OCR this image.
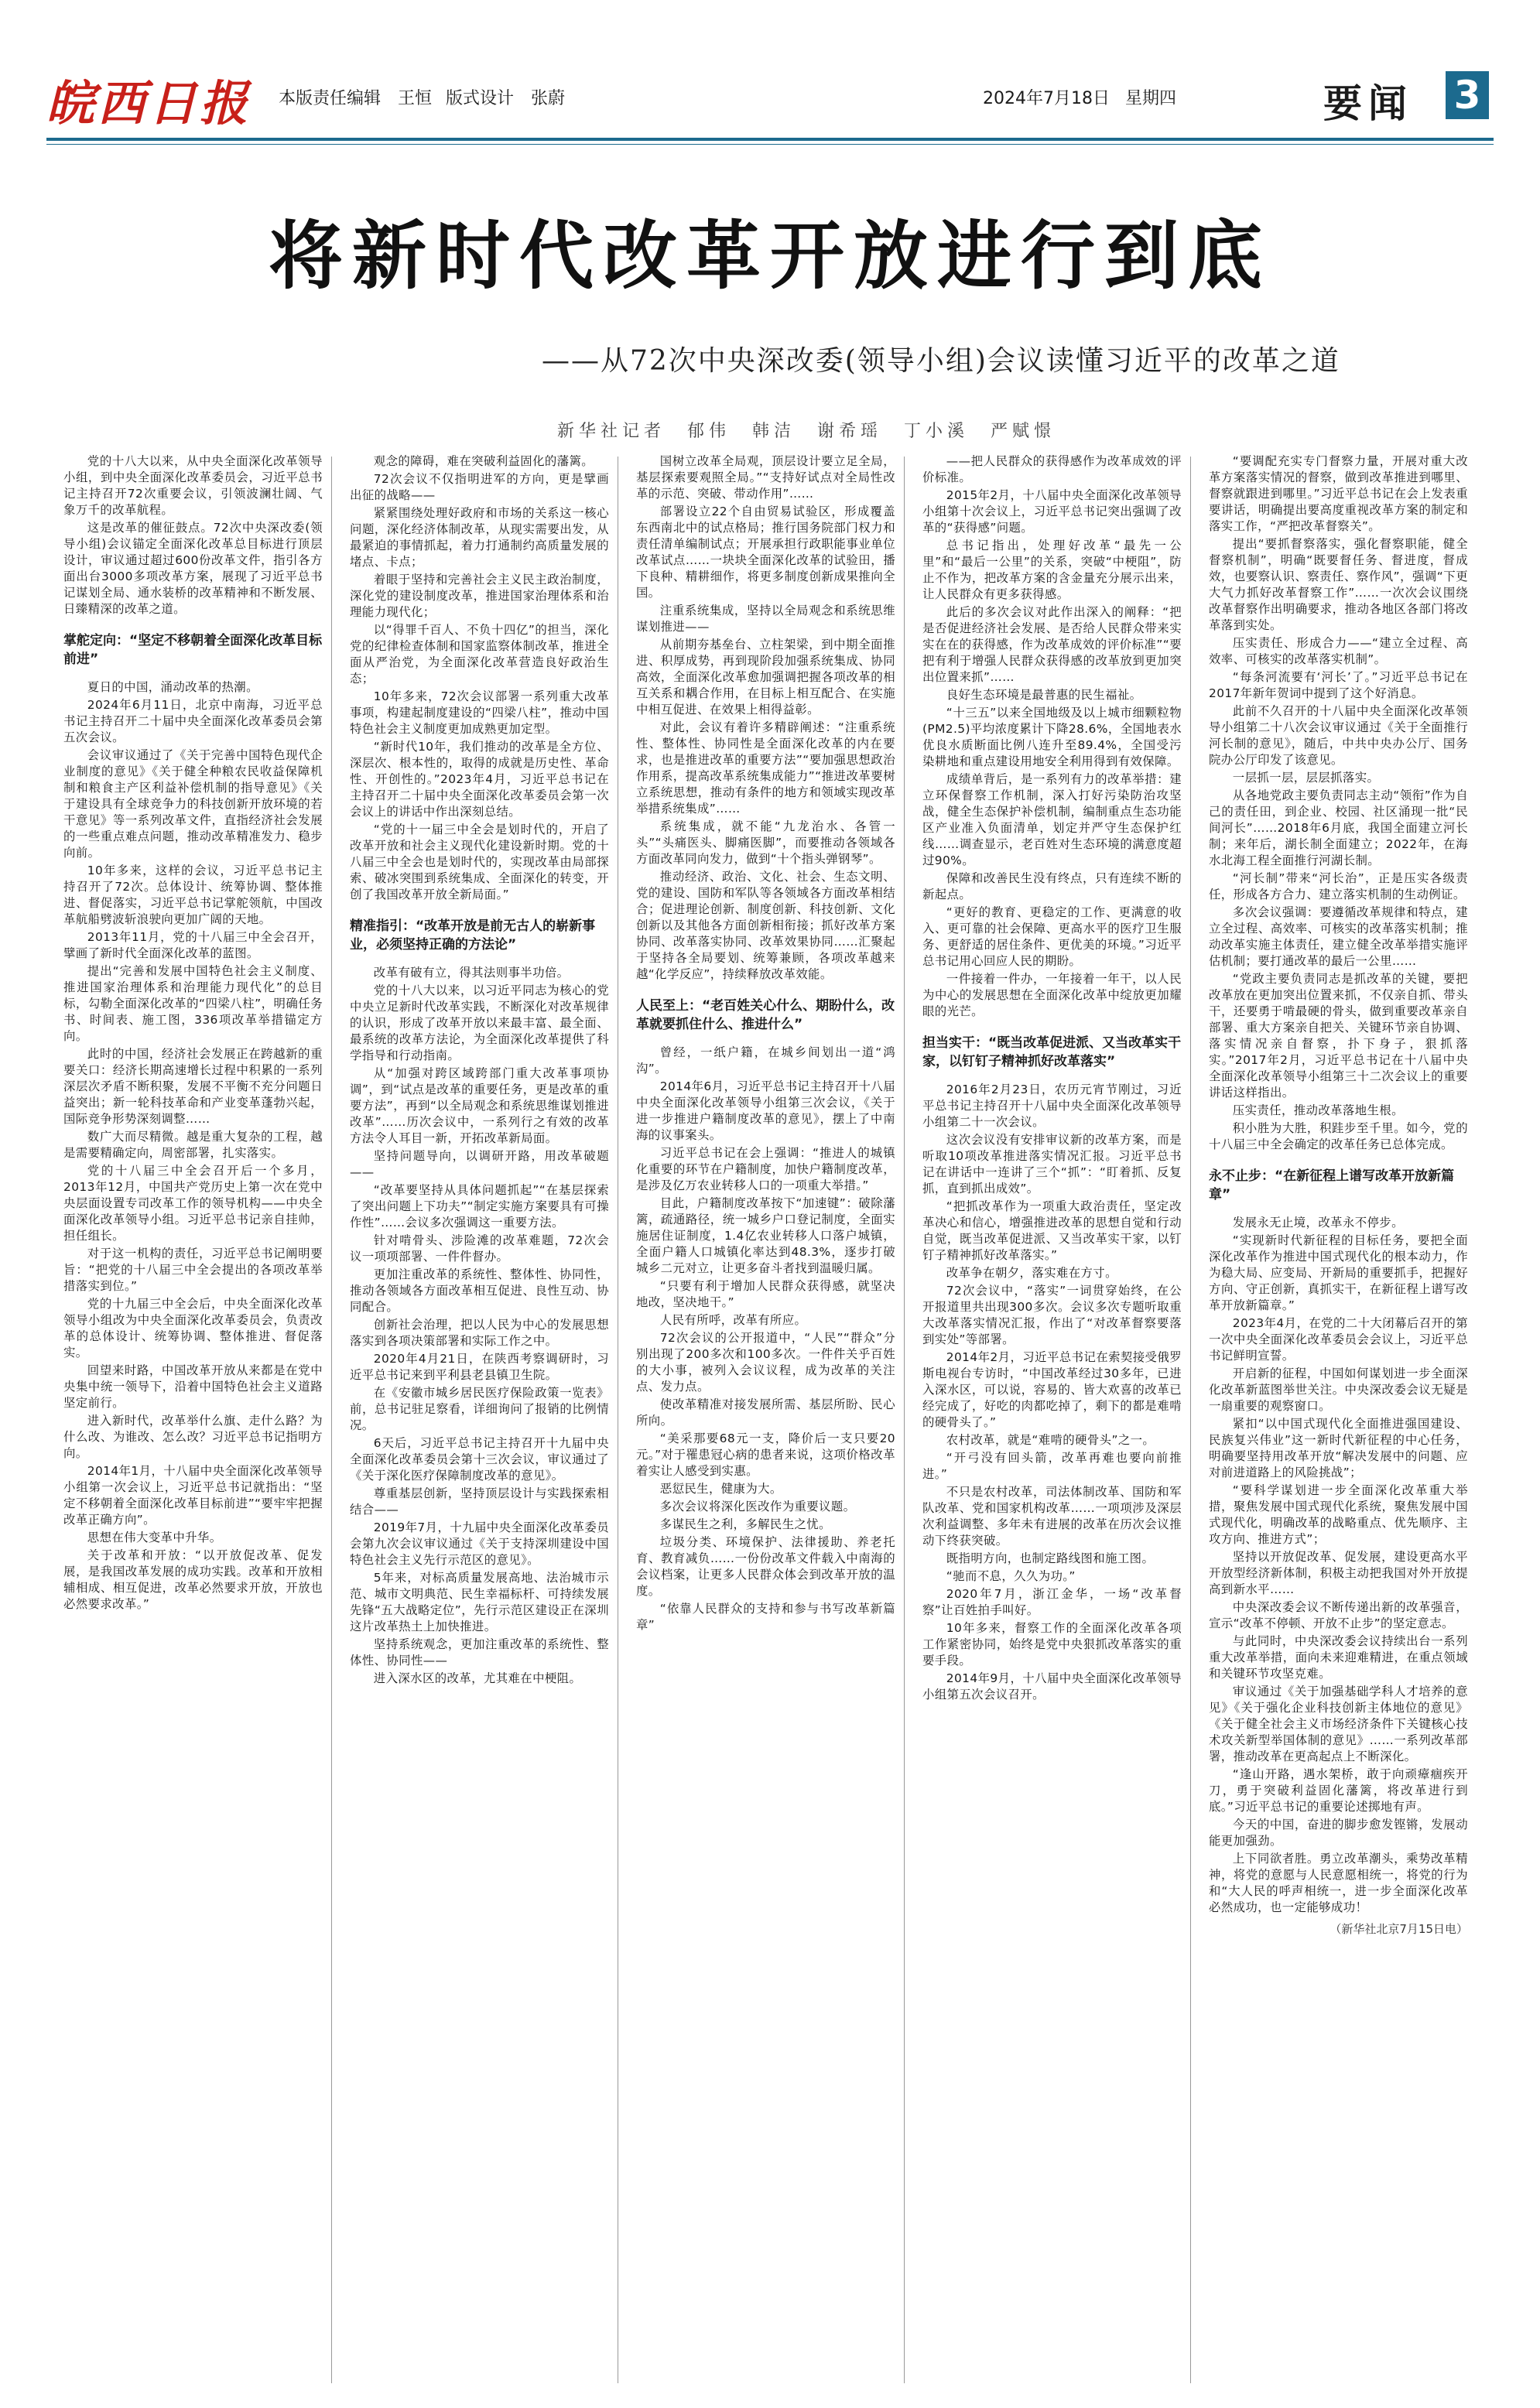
皖西日报 本版责任编辑　王恒 版式设计　张蔚	2024年7月18日 星期四	要闻 3
将新时代改革开放进行到底
——从72次中央深改委(领导小组)会议读懂习近平的改革之道
新华社记者　郁伟　韩洁　谢希瑶　丁小溪　严赋憬

党的十八大以来，从中央全面深化改革领导小组，到中央全面深化改革委员会，习近平总书记主持召开72次重要会议，引领波澜壮阔、气象万千的改革航程。

这是改革的催征鼓点。72次中央深改委(领导小组)会议锚定全面深化改革总目标进行顶层设计，审议通过超过600份改革文件，指引各方面出台3000多项改革方案，展现了习近平总书记谋划全局、通水装桥的改革精神和不断发展、日臻精深的改革之道。

掌舵定向：“坚定不移朝着全面深化改革目标前进”

夏日的中国，涌动改革的热潮。

2024年6月11日，北京中南海，习近平总书记主持召开二十届中央全面深化改革委员会第五次会议。

会议审议通过了《关于完善中国特色现代企业制度的意见》《关于健全种粮农民收益保障机制和粮食主产区利益补偿机制的指导意见》《关于建设具有全球竞争力的科技创新开放环境的若干意见》等一系列改革文件，直指经济社会发展的一些重点难点问题，推动改革精准发力、稳步向前。

10年多来，这样的会议，习近平总书记主持召开了72次。总体设计、统筹协调、整体推进、督促落实，习近平总书记掌舵领航，中国改革航船劈波斩浪驶向更加广阔的天地。

2013年11月，党的十八届三中全会召开，擘画了新时代全面深化改革的蓝图。

提出“完善和发展中国特色社会主义制度、推进国家治理体系和治理能力现代化”的总目标，勾勒全面深化改革的“四梁八柱”，明确任务书、时间表、施工图，336项改革举措锚定方向。

此时的中国，经济社会发展正在跨越新的重要关口：经济长期高速增长过程中积累的一系列深层次矛盾不断积聚，发展不平衡不充分问题日益突出；新一轮科技革命和产业变革蓬勃兴起，国际竞争形势深刻调整……

数广大而尽精微。越是重大复杂的工程，越是需要精确定向，周密部署，扎实落实。

党的十八届三中全会召开后一个多月，2013年12月，中国共产党历史上第一次在党中央层面设置专司改革工作的领导机构——中央全面深化改革领导小组。习近平总书记亲自挂帅，担任组长。

对于这一机构的责任，习近平总书记阐明要旨：“把党的十八届三中全会提出的各项改革举措落实到位。”

党的十九届三中全会后，中央全面深化改革领导小组改为中央全面深化改革委员会，负责改革的总体设计、统筹协调、整体推进、督促落实。

回望来时路，中国改革开放从来都是在党中央集中统一领导下，沿着中国特色社会主义道路坚定前行。

进入新时代，改革举什么旗、走什么路？为什么改、为谁改、怎么改？习近平总书记指明方向。

2014年1月，十八届中央全面深化改革领导小组第一次会议上，习近平总书记就指出：“坚定不移朝着全面深化改革目标前进”“要牢牢把握改革正确方向”。

思想在伟大变革中升华。

关于改革和开放：“以开放促改革、促发展，是我国改革发展的成功实践。改革和开放相辅相成、相互促进，改革必然要求开放，开放也必然要求改革。”

观念的障碍，难在突破利益固化的藩篱。

72次会议不仅指明进军的方向，更是擘画出征的战略——

紧紧围绕处理好政府和市场的关系这一核心问题，深化经济体制改革，从现实需要出发，从最紧迫的事情抓起，着力打通制约高质量发展的堵点、卡点；

着眼于坚持和完善社会主义民主政治制度，深化党的建设制度改革，推进国家治理体系和治理能力现代化；

以“得罪千百人、不负十四亿”的担当，深化党的纪律检查体制和国家监察体制改革，推进全面从严治党，为全面深化改革营造良好政治生态；

10年多来，72次会议部署一系列重大改革事项，构建起制度建设的“四梁八柱”，推动中国特色社会主义制度更加成熟更加定型。

“新时代10年，我们推动的改革是全方位、深层次、根本性的，取得的成就是历史性、革命性、开创性的。”2023年4月，习近平总书记在主持召开二十届中央全面深化改革委员会第一次会议上的讲话中作出深刻总结。

“党的十一届三中全会是划时代的，开启了改革开放和社会主义现代化建设新时期。党的十八届三中全会也是划时代的，实现改革由局部探索、破冰突围到系统集成、全面深化的转变，开创了我国改革开放全新局面。”

精准指引：“改革开放是前无古人的崭新事业，必须坚持正确的方法论”

改革有破有立，得其法则事半功倍。

党的十八大以来，以习近平同志为核心的党中央立足新时代改革实践，不断深化对改革规律的认识，形成了改革开放以来最丰富、最全面、最系统的改革方法论，为全面深化改革提供了科学指导和行动指南。

从“加强对跨区域跨部门重大改革事项协调”，到“试点是改革的重要任务，更是改革的重要方法”，再到“以全局观念和系统思维谋划推进改革”……历次会议中，一系列行之有效的改革方法令人耳目一新，开拓改革新局面。

坚持问题导向，以调研开路，用改革破题——

“改革要坚持从具体问题抓起”“在基层探索了突出问题上下功夫”“制定实施方案要具有可操作性”……会议多次强调这一重要方法。

针对啃骨头、涉险滩的改革难题，72次会议一项项部署、一件件督办。

更加注重改革的系统性、整体性、协同性，推动各领域各方面改革相互促进、良性互动、协同配合。

创新社会治理，把以人民为中心的发展思想落实到各项决策部署和实际工作之中。

2020年4月21日，在陕西考察调研时，习近平总书记来到平利县老县镇卫生院。

在《安徽市城乡居民医疗保险政策一览表》前，总书记驻足察看，详细询问了报销的比例情况。

6天后，习近平总书记主持召开十九届中央全面深化改革委员会第十三次会议，审议通过了《关于深化医疗保障制度改革的意见》。

尊重基层创新，坚持顶层设计与实践探索相结合——

2019年7月，十九届中央全面深化改革委员会第九次会议审议通过《关于支持深圳建设中国特色社会主义先行示范区的意见》。

5年来，对标高质量发展高地、法治城市示范、城市文明典范、民生幸福标杆、可持续发展先锋“五大战略定位”，先行示范区建设正在深圳这片改革热土上加快推进。

坚持系统观念，更加注重改革的系统性、整体性、协同性——

进入深水区的改革，尤其难在中梗阻。

国树立改革全局观，顶层设计要立足全局，基层探索要观照全局。”“支持好试点对全局性改革的示范、突破、带动作用”……

部署设立22个自由贸易试验区，形成覆盖东西南北中的试点格局；推行国务院部门权力和责任清单编制试点；开展承担行政职能事业单位改革试点……一块块全面深化改革的试验田，播下良种、精耕细作，将更多制度创新成果推向全国。

注重系统集成，坚持以全局观念和系统思维谋划推进——

从前期夯基垒台、立柱架梁，到中期全面推进、积厚成势，再到现阶段加强系统集成、协同高效，全面深化改革愈加强调把握各项改革的相互关系和耦合作用，在目标上相互配合、在实施中相互促进、在效果上相得益彰。

对此，会议有着许多精辟阐述：“注重系统性、整体性、协同性是全面深化改革的内在要求，也是推进改革的重要方法”“要加强思想政治作用系，提高改革系统集成能力”“推进改革要树立系统思想，推动有条件的地方和领域实现改革举措系统集成”……

系统集成，就不能“九龙治水、各管一头”“头痛医头、脚痛医脚”，而要推动各领域各方面改革同向发力，做到“十个指头弹钢琴”。

推动经济、政治、文化、社会、生态文明、党的建设、国防和军队等各领域各方面改革相结合；促进理论创新、制度创新、科技创新、文化创新以及其他各方面创新相衔接；抓好改革方案协同、改革落实协同、改革效果协同……汇聚起于坚持各全局要划、统筹兼顾，各项改革越来越“化学反应”，持续释放改革效能。

人民至上：“老百姓关心什么、期盼什么，改革就要抓住什么、推进什么”

曾经，一纸户籍，在城乡间划出一道“鸿沟”。

2014年6月，习近平总书记主持召开十八届中央全面深化改革领导小组第三次会议，《关于进一步推进户籍制度改革的意见》，摆上了中南海的议事案头。

习近平总书记在会上强调：“推进人的城镇化重要的环节在户籍制度，加快户籍制度改革，是涉及亿万农业转移人口的一项重大举措。”

目此，户籍制度改革按下“加速键”：破除藩篱，疏通路径，统一城乡户口登记制度，全面实施居住证制度，1.4亿农业转移人口落户城镇，全面户籍人口城镇化率达到48.3%，逐步打破城乡二元对立，让更多奋斗者找到温暖归属。

“只要有利于增加人民群众获得感，就坚决地改，坚决地干。”

人民有所呼，改革有所应。

72次会议的公开报道中，“人民”“群众”分别出现了200多次和100多次。一件件关乎百姓的大小事，被列入会议议程，成为改革的关注点、发力点。

使改革精准对接发展所需、基层所盼、民心所向。

“美采那要68元一支，降价后一支只要20元。”对于罹患冠心病的患者来说，这项价格改革着实让人感受到实惠。

恶愆民生，健康为大。

多次会议将深化医改作为重要议题。

多谋民生之利，多解民生之忧。

垃圾分类、环境保护、法律援助、养老托育、教育减负……一份份改革文件载入中南海的会议档案，让更多人民群众体会到改革开放的温度。

“依靠人民群众的支持和参与书写改革新篇章”

——把人民群众的获得感作为改革成效的评价标准。

2015年2月，十八届中央全面深化改革领导小组第十次会议上，习近平总书记突出强调了改革的“获得感”问题。

总书记指出，处理好改革“最先一公里”和“最后一公里”的关系，突破“中梗阻”，防止不作为，把改革方案的含金量充分展示出来，让人民群众有更多获得感。

此后的多次会议对此作出深入的阐释：“把是否促进经济社会发展、是否给人民群众带来实实在在的获得感，作为改革成效的评价标准”“要把有利于增强人民群众获得感的改革放到更加突出位置来抓”……

良好生态环境是最普惠的民生福祉。

“十三五”以来全国地级及以上城市细颗粒物(PM2.5)平均浓度累计下降28.6%，全国地表水优良水质断面比例八连升至89.4%，全国受污染耕地和重点建设用地安全利用得到有效保障。

成绩单背后，是一系列有力的改革举措：建立环保督察工作机制，深入打好污染防治攻坚战，健全生态保护补偿机制，编制重点生态功能区产业准入负面清单，划定并严守生态保护红线……调查显示，老百姓对生态环境的满意度超过90%。

保障和改善民生没有终点，只有连续不断的新起点。

“更好的教育、更稳定的工作、更满意的收入、更可靠的社会保障、更高水平的医疗卫生服务、更舒适的居住条件、更优美的环境。”习近平总书记用心回应人民的期盼。

一件接着一件办，一年接着一年干，以人民为中心的发展思想在全面深化改革中绽放更加耀眼的光芒。

担当实干：“既当改革促进派、又当改革实干家，以钉钉子精神抓好改革落实”

2016年2月23日，农历元宵节刚过，习近平总书记主持召开十八届中央全面深化改革领导小组第二十一次会议。

这次会议没有安排审议新的改革方案，而是听取10项改革推进落实情况汇报。习近平总书记在讲话中一连讲了三个“抓”：“盯着抓、反复抓，直到抓出成效”。

“把抓改革作为一项重大政治责任，坚定改革决心和信心，增强推进改革的思想自觉和行动自觉，既当改革促进派、又当改革实干家，以钉钉子精神抓好改革落实。”

改革争在朝夕，落实难在方寸。

72次会议中，“落实”一词贯穿始终，在公开报道里共出现300多次。会议多次专题听取重大改革落实情况汇报，作出了“对改革督察要落到实处”等部署。

2014年2月，习近平总书记在索契接受俄罗斯电视台专访时，“中国改革经过30多年，已进入深水区，可以说，容易的、皆大欢喜的改革已经完成了，好吃的肉都吃掉了，剩下的都是难啃的硬骨头了。”

农村改革，就是“难啃的硬骨头”之一。

“开弓没有回头箭，改革再难也要向前推进。”

不只是农村改革，司法体制改革、国防和军队改革、党和国家机构改革……一项项涉及深层次利益调整、多年未有进展的改革在历次会议推动下终获突破。

既指明方向，也制定路线图和施工图。

“驰而不息，久久为功。”

2020年7月，浙江金华，一场“改革督察”让百姓拍手叫好。

10年多来，督察工作的全面深化改革各项工作紧密协同，始终是党中央狠抓改革落实的重要手段。

2014年9月，十八届中央全面深化改革领导小组第五次会议召开。

“要调配充实专门督察力量，开展对重大改革方案落实情况的督察，做到改革推进到哪里、督察就跟进到哪里。”习近平总书记在会上发表重要讲话，明确提出要高度重视改革方案的制定和落实工作，“严把改革督察关”。

提出“要抓督察落实，强化督察职能，健全督察机制”，明确“既要督任务、督进度，督成效，也要察认识、察责任、察作风”，强调“下更大气力抓好改革督察工作”……一次次会议围绕改革督察作出明确要求，推动各地区各部门将改革落到实处。

压实责任、形成合力——“建立全过程、高效率、可核实的改革落实机制”。

“每条河流要有‘河长’了。”习近平总书记在2017年新年贺词中提到了这个好消息。

此前不久召开的十八届中央全面深化改革领导小组第二十八次会议审议通过《关于全面推行河长制的意见》，随后，中共中央办公厅、国务院办公厅印发了该意见。

一层抓一层，层层抓落实。

从各地党政主要负责同志主动“领衔”作为自己的责任田，到企业、校园、社区涌现一批“民间河长”……2018年6月底，我国全面建立河长制；来年后，湖长制全面建立；2022年，在海水北海工程全面推行河湖长制。

“河长制”带来“河长治”，正是压实各级责任，形成各方合力、建立落实机制的生动例证。

多次会议强调：要遵循改革规律和特点，建立全过程、高效率、可核实的改革落实机制；推动改革实施主体责任，建立健全改革举措实施评估机制；要打通改革的最后一公里……

“党政主要负责同志是抓改革的关键，要把改革放在更加突出位置来抓，不仅亲自抓、带头干，还要勇于啃最硬的骨头，做到重要改革亲自部署、重大方案亲自把关、关键环节亲自协调、落实情况亲自督察，扑下身子，狠抓落实。”2017年2月，习近平总书记在十八届中央全面深化改革领导小组第三十二次会议上的重要讲话这样指出。

压实责任，推动改革落地生根。

积小胜为大胜，积跬步至千里。如今，党的十八届三中全会确定的改革任务已总体完成。

永不止步：“在新征程上谱写改革开放新篇章”

发展永无止境，改革永不停步。

“实现新时代新征程的目标任务，要把全面深化改革作为推进中国式现代化的根本动力，作为稳大局、应变局、开新局的重要抓手，把握好方向、守正创新，真抓实干，在新征程上谱写改革开放新篇章。”

2023年4月，在党的二十大闭幕后召开的第一次中央全面深化改革委员会会议上，习近平总书记鲜明宣誓。

开启新的征程，中国如何谋划进一步全面深化改革新蓝图举世关注。中央深改委会议无疑是一扇重要的观察窗口。

紧扣“以中国式现代化全面推进强国建设、民族复兴伟业”这一新时代新征程的中心任务，明确要坚持用改革开放“解决发展中的问题、应对前进道路上的风险挑战”；

“要科学谋划进一步全面深化改革重大举措，聚焦发展中国式现代化系统，聚焦发展中国式现代化，明确改革的战略重点、优先顺序、主攻方向、推进方式”；

坚持以开放促改革、促发展，建设更高水平开放型经济新体制，积极主动把我国对外开放提高到新水平……

中央深改委会议不断传递出新的改革强音，宣示“改革不停顿、开放不止步”的坚定意志。

与此同时，中央深改委会议持续出台一系列重大改革举措，面向未来迎难精进，在重点领域和关键环节攻坚克难。

审议通过《关于加强基础学科人才培养的意见》《关于强化企业科技创新主体地位的意见》《关于健全社会主义市场经济条件下关键核心技术攻关新型举国体制的意见》……一系列改革部署，推动改革在更高起点上不断深化。

“逢山开路，遇水架桥，敢于向顽瘴痼疾开刀，勇于突破利益固化藩篱，将改革进行到底。”习近平总书记的重要论述掷地有声。

今天的中国，奋进的脚步愈发铿锵，发展动能更加强劲。

上下同欲者胜。勇立改革潮头，乘势改革精神，将党的意愿与人民意愿相统一，将党的行为和“大人民的呼声相统一，进一步全面深化改革必然成功，也一定能够成功！

（新华社北京7月15日电）
